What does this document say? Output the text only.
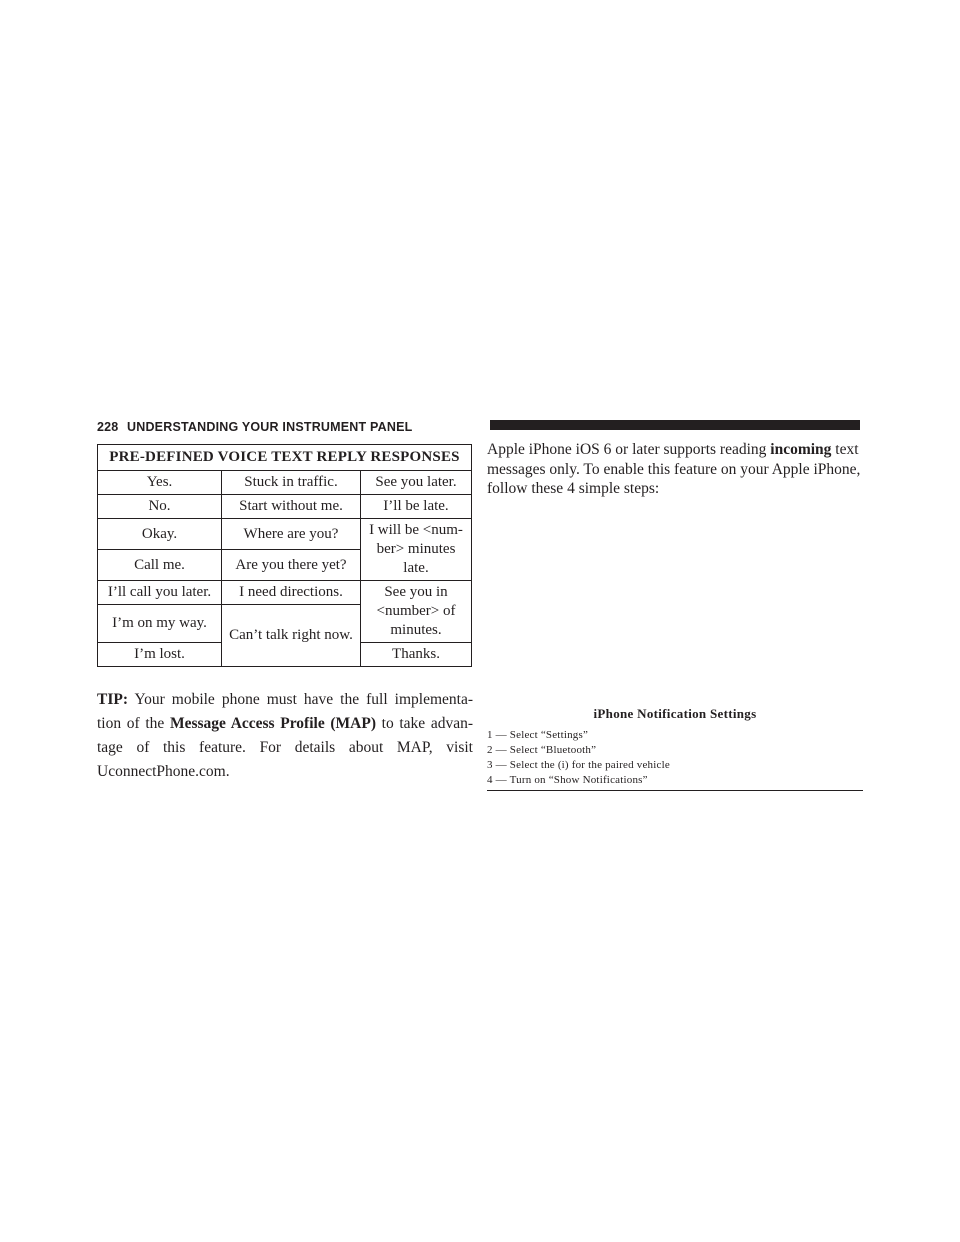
228 UNDERSTANDING YOUR INSTRUMENT PANEL
PRE-DEFINED VOICE TEXT REPLY RESPONSES		
Yes.	Stuck in traffic.	See you later.
No.	Start without me.	I’ll be late.
Okay.	Where are you?	I will be <num- ber> minutes late.
Call me.	Are you there yet?	
I’ll call you later.	I need directions.	See you in <number> of minutes.
I’m on my way.	Can’t talk right now.	
I’m lost.		Thanks.
TIP: Your mobile phone must have the full implementa- tion of the Message Access Profile (MAP) to take advan- tage of this feature. For details about MAP, visit UconnectPhone.com.
Apple iPhone iOS 6 or later supports reading incoming text messages only. To enable this feature on your Apple iPhone, follow these 4 simple steps:
iPhone Notification Settings
1 — Select “Settings”
2 — Select “Bluetooth”
3 — Select the (i) for the paired vehicle
4 — Turn on “Show Notifications”
